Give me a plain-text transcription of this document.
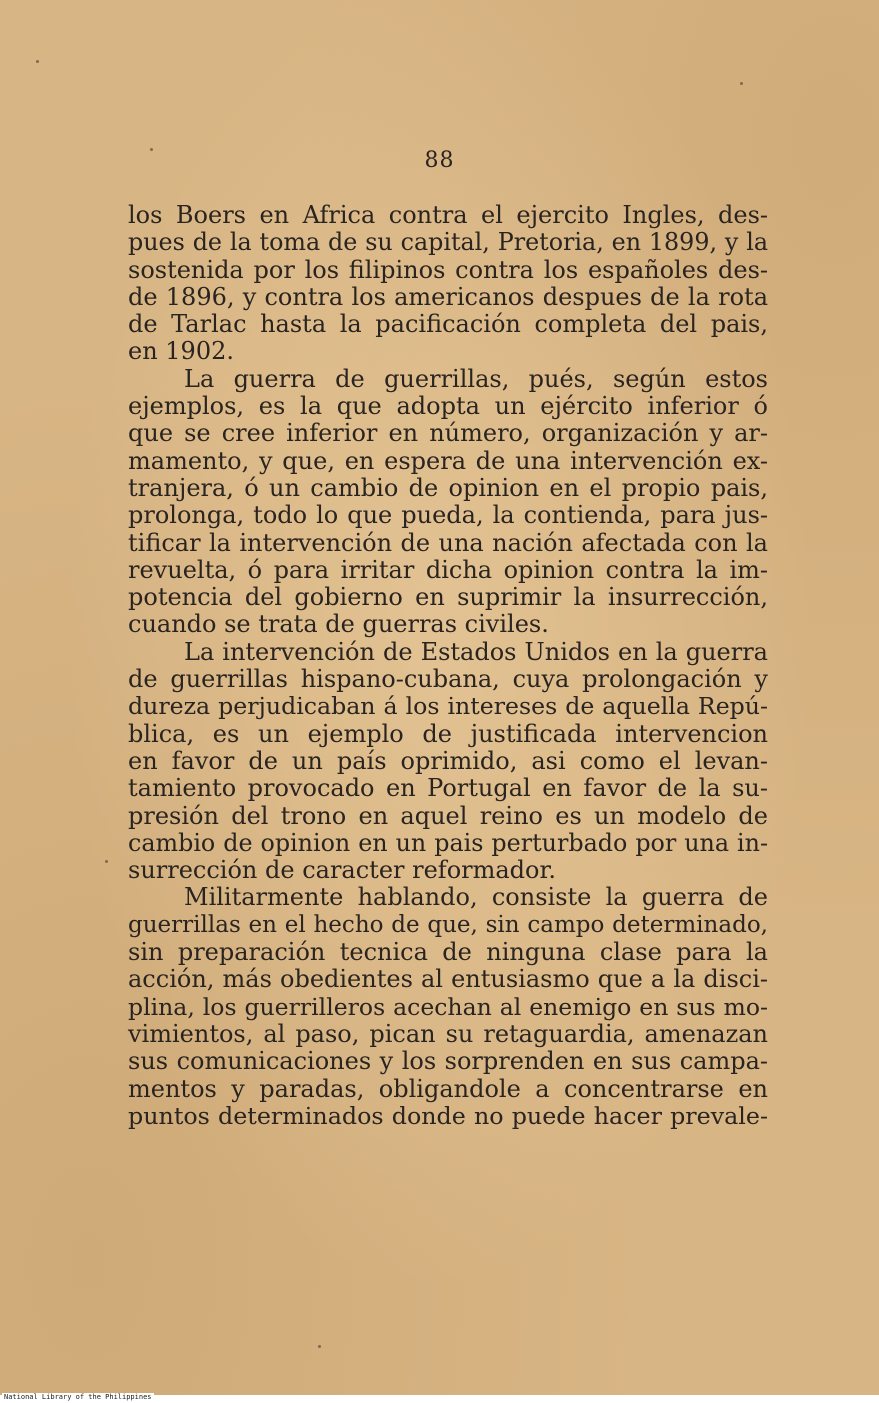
88
los Boers en Africa contra el ejercito Ingles, des-
pues de la toma de su capital, Pretoria, en 1899, y la
sostenida por los filipinos contra los españoles des-
de 1896, y contra los americanos despues de la rota
de Tarlac hasta la pacificación completa del pais,
en 1902.
La guerra de guerrillas, pués, según estos
ejemplos, es la que adopta un ejército inferior ó
que se cree inferior en número, organización y ar-
mamento, y que, en espera de una intervención ex-
tranjera, ó un cambio de opinion en el propio pais,
prolonga, todo lo que pueda, la contienda, para jus-
tificar la intervención de una nación afectada con la
revuelta, ó para irritar dicha opinion contra la im-
potencia del gobierno en suprimir la insurrección,
cuando se trata de guerras civiles.
La intervención de Estados Unidos en la guerra
de guerrillas hispano-cubana, cuya prolongación y
dureza perjudicaban á los intereses de aquella Repú-
blica, es un ejemplo de justificada intervencion
en favor de un país oprimido, asi como el levan-
tamiento provocado en Portugal en favor de la su-
presión del trono en aquel reino es un modelo de
cambio de opinion en un pais perturbado por una in-
surrección de caracter reformador.
Militarmente hablando, consiste la guerra de
guerrillas en el hecho de que, sin campo determinado,
sin preparación tecnica de ninguna clase para la
acción, más obedientes al entusiasmo que a la disci-
plina, los guerrilleros acechan al enemigo en sus mo-
vimientos, al paso, pican su retaguardia, amenazan
sus comunicaciones y los sorprenden en sus campa-
mentos y paradas, obligandole a concentrarse en
puntos determinados donde no puede hacer prevale-
National Library of the Philippines
